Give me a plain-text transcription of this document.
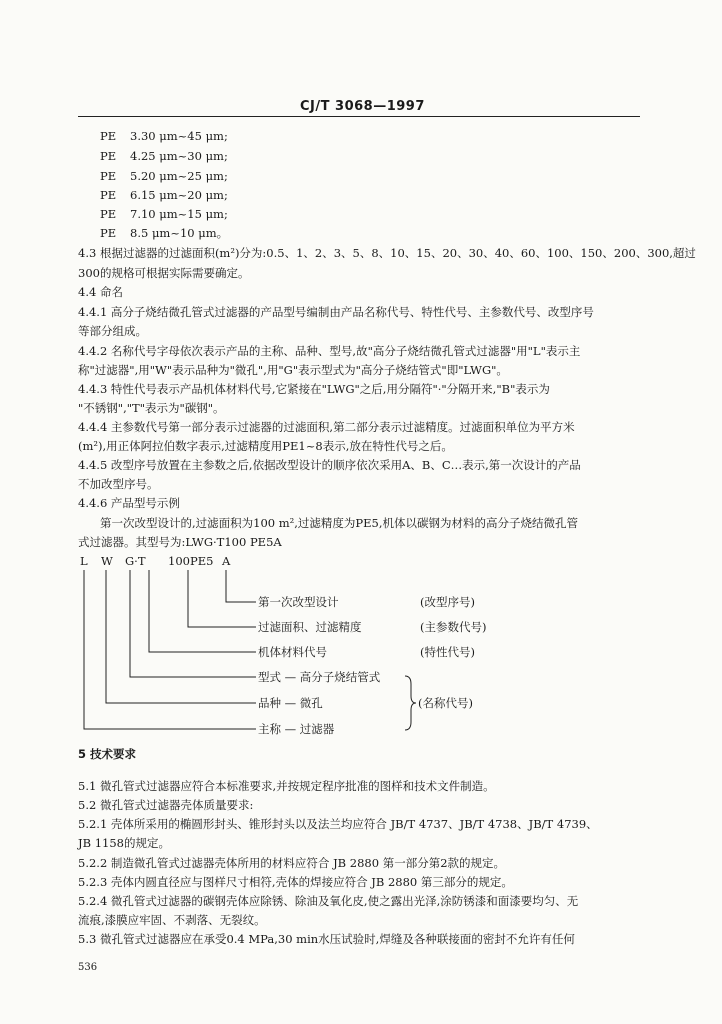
CJ/T 3068—1997
PE 3.30 μm~45 μm;
PE 4.25 μm~30 μm;
PE 5.20 μm~25 μm;
PE 6.15 μm~20 μm;
PE 7.10 μm~15 μm;
PE 8.5 μm~10 μm。
4.3 根据过滤器的过滤面积(m²)分为:0.5、1、2、3、5、8、10、15、20、30、40、60、100、150、200、300,超过
300的规格可根据实际需要确定。
4.4 命名
4.4.1 高分子烧结微孔管式过滤器的产品型号编制由产品名称代号、特性代号、主参数代号、改型序号
等部分组成。
4.4.2 名称代号字母依次表示产品的主称、品种、型号,故"高分子烧结微孔管式过滤器"用"L"表示主
称"过滤器",用"W"表示品种为"微孔",用"G"表示型式为"高分子烧结管式"即"LWG"。
4.4.3 特性代号表示产品机体材料代号,它紧接在"LWG"之后,用分隔符"·"分隔开来,"B"表示为
"不锈钢","T"表示为"碳钢"。
4.4.4 主参数代号第一部分表示过滤器的过滤面积,第二部分表示过滤精度。过滤面积单位为平方米
(m²),用正体阿拉伯数字表示,过滤精度用PE1~8表示,放在特性代号之后。
4.4.5 改型序号放置在主参数之后,依据改型设计的顺序依次采用A、B、C…表示,第一次设计的产品
不加改型序号。
4.4.6 产品型号示例
第一次改型设计的,过滤面积为100 m²,过滤精度为PE5,机体以碳钢为材料的高分子烧结微孔管
式过滤器。其型号为:LWG·T100 PE5A
L W G·T 100PE5 A
第一次改型设计	(改型序号)
过滤面积、过滤精度	(主参数代号)
机体材料代号	(特性代号)
型式 — 高分子烧结管式
品种 — 微孔
主称 — 过滤器
(名称代号)
5 技术要求
5.1 微孔管式过滤器应符合本标准要求,并按规定程序批准的图样和技术文件制造。
5.2 微孔管式过滤器壳体质量要求:
5.2.1 壳体所采用的椭圆形封头、锥形封头以及法兰均应符合 JB/T 4737、JB/T 4738、JB/T 4739、
JB 1158的规定。
5.2.2 制造微孔管式过滤器壳体所用的材料应符合 JB 2880 第一部分第2款的规定。
5.2.3 壳体内圆直径应与图样尺寸相符,壳体的焊接应符合 JB 2880 第三部分的规定。
5.2.4 微孔管式过滤器的碳钢壳体应除锈、除油及氧化皮,使之露出光泽,涂防锈漆和面漆要均匀、无
流痕,漆膜应牢固、不剥落、无裂纹。
5.3 微孔管式过滤器应在承受0.4 MPa,30 min水压试验时,焊缝及各种联接面的密封不允许有任何
536
